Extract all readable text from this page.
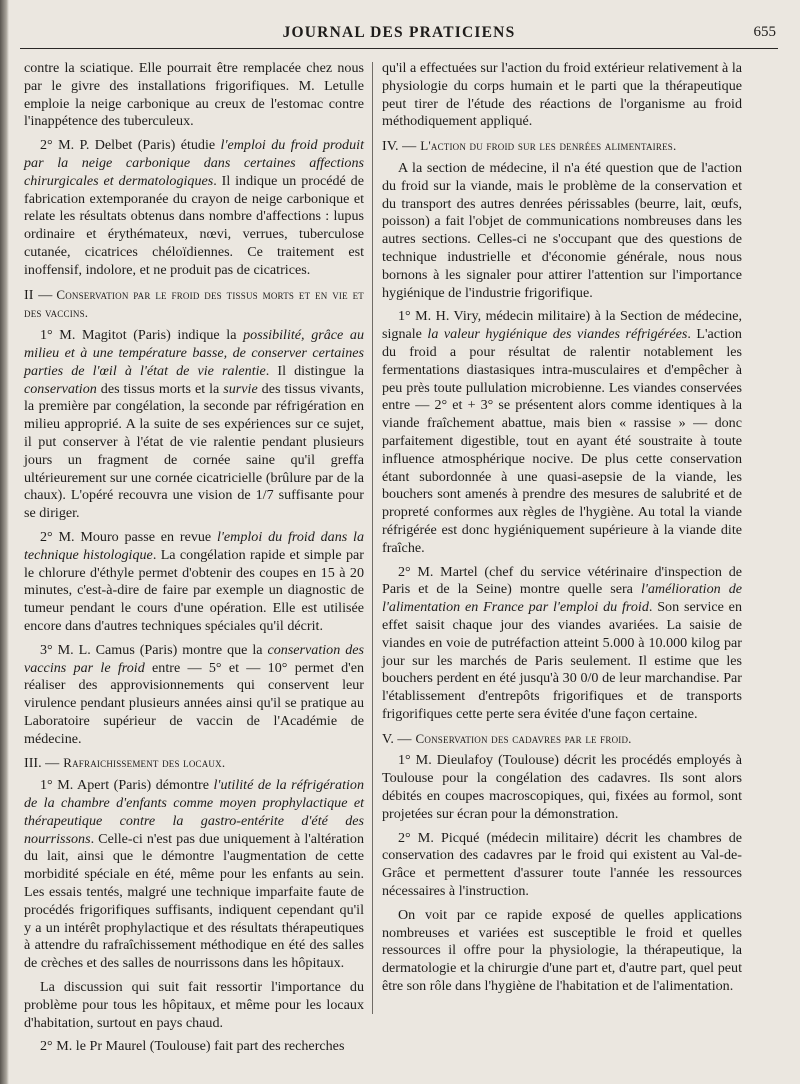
JOURNAL DES PRATICIENS	655

contre la sciatique. Elle pourrait être remplacée chez nous par le givre des installations frigorifiques. M. Letulle emploie la neige carbonique au creux de l'estomac contre l'inappétence des tuberculeux.

2° M. P. Delbet (Paris) étudie l'emploi du froid produit par la neige carbonique dans certaines affections chirurgicales et dermatologiques. Il indique un procédé de fabrication extemporanée du crayon de neige carbonique et relate les résultats obtenus dans nombre d'affections : lupus ordinaire et érythémateux, nœvi, verrues, tuberculose cutanée, cicatrices chéloïdiennes. Ce traitement est inoffensif, indolore, et ne produit pas de cicatrices.

II — Conservation par le froid des tissus morts et en vie et des vaccins.

1° M. Magitot (Paris) indique la possibilité, grâce au milieu et à une température basse, de conserver certaines parties de l'œil à l'état de vie ralentie. Il distingue la conservation des tissus morts et la survie des tissus vivants, la première par congélation, la seconde par réfrigération en milieu approprié. A la suite de ses expériences sur ce sujet, il put conserver à l'état de vie ralentie pendant plusieurs jours un fragment de cornée saine qu'il greffa ultérieurement sur une cornée cicatricielle (brûlure par de la chaux). L'opéré recouvra une vision de 1/7 suffisante pour se diriger.

2° M. Mouro passe en revue l'emploi du froid dans la technique histologique. La congélation rapide et simple par le chlorure d'éthyle permet d'obtenir des coupes en 15 à 20 minutes, c'est-à-dire de faire par exemple un diagnostic de tumeur pendant le cours d'une opération. Elle est utilisée encore dans d'autres techniques spéciales qu'il décrit.

3° M. L. Camus (Paris) montre que la conservation des vaccins par le froid entre — 5° et — 10° permet d'en réaliser des approvisionnements qui conservent leur virulence pendant plusieurs années ainsi qu'il se pratique au Laboratoire supérieur de vaccin de l'Académie de médecine.

III. — Rafraichissement des locaux.

1° M. Apert (Paris) démontre l'utilité de la réfrigération de la chambre d'enfants comme moyen prophylactique et thérapeutique contre la gastro-entérite d'été des nourrissons. Celle-ci n'est pas due uniquement à l'altération du lait, ainsi que le démontre l'augmentation de cette morbidité spéciale en été, même pour les enfants au sein. Les essais tentés, malgré une technique imparfaite faute de procédés frigorifiques suffisants, indiquent cependant qu'il y a un intérêt prophylactique et des résultats thérapeutiques à attendre du rafraîchissement méthodique en été des salles de crèches et des salles de nourrissons dans les hôpitaux.

La discussion qui suit fait ressortir l'importance du problème pour tous les hôpitaux, et même pour les locaux d'habitation, surtout en pays chaud.

2° M. le Pr Maurel (Toulouse) fait part des recherches

qu'il a effectuées sur l'action du froid extérieur relativement à la physiologie du corps humain et le parti que la thérapeutique peut tirer de l'étude des réactions de l'organisme au froid méthodiquement appliqué.

IV. — L'action du froid sur les denrées alimentaires.

A la section de médecine, il n'a été question que de l'action du froid sur la viande, mais le problème de la conservation et du transport des autres denrées périssables (beurre, lait, œufs, poisson) a fait l'objet de communications nombreuses dans les autres sections. Celles-ci ne s'occupant que des questions de technique industrielle et d'économie générale, nous nous bornons à les signaler pour attirer l'attention sur l'importance hygiénique de l'industrie frigorifique.

1° M. H. Viry, médecin militaire) à la Section de médecine, signale la valeur hygiénique des viandes réfrigérées. L'action du froid a pour résultat de ralentir notablement les fermentations diastasiques intra-musculaires et d'empêcher à peu près toute pullulation microbienne. Les viandes conservées entre — 2° et + 3° se présentent alors comme identiques à la viande fraîchement abattue, mais bien « rassise » — donc parfaitement digestible, tout en ayant été soustraite à toute influence atmosphérique nocive. De plus cette conservation étant subordonnée à une quasi-asepsie de la viande, les bouchers sont amenés à prendre des mesures de salubrité et de propreté conformes aux règles de l'hygiène. Au total la viande réfrigérée est donc hygiéniquement supérieure à la viande dite fraîche.

2° M. Martel (chef du service vétérinaire d'inspection de Paris et de la Seine) montre quelle sera l'amélioration de l'alimentation en France par l'emploi du froid. Son service en effet saisit chaque jour des viandes avariées. La saisie de viandes en voie de putréfaction atteint 5.000 à 10.000 kilog par jour sur les marchés de Paris seulement. Il estime que les bouchers perdent en été jusqu'à 30 0/0 de leur marchandise. Par l'établissement d'entrepôts frigorifiques et de transports frigorifiques cette perte sera évitée d'une façon certaine.

V. — Conservation des cadavres par le froid.

1° M. Dieulafoy (Toulouse) décrit les procédés employés à Toulouse pour la congélation des cadavres. Ils sont alors débités en coupes macroscopiques, qui, fixées au formol, sont projetées sur écran pour la démonstration.

2° M. Picqué (médecin militaire) décrit les chambres de conservation des cadavres par le froid qui existent au Val-de-Grâce et permettent d'assurer toute l'année les ressources nécessaires à l'instruction.

On voit par ce rapide exposé de quelles applications nombreuses et variées est susceptible le froid et quelles ressources il offre pour la physiologie, la thérapeutique, la dermatologie et la chirurgie d'une part et, d'autre part, quel peut être son rôle dans l'hygiène de l'habitation et de l'alimentation.
